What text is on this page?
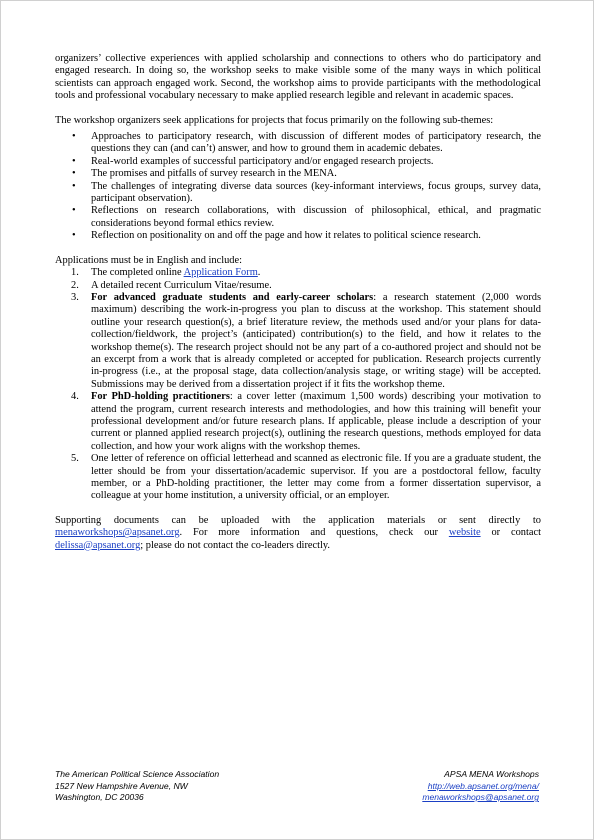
organizers’ collective experiences with applied scholarship and connections to others who do participatory and engaged research. In doing so, the workshop seeks to make visible some of the many ways in which political scientists can approach engaged work. Second, the workshop aims to provide participants with the methodological tools and professional vocabulary necessary to make applied research legible and relevant in academic spaces.

The workshop organizers seek applications for projects that focus primarily on the following sub-themes:

• Approaches to participatory research, with discussion of different modes of participatory research, the questions they can (and can’t) answer, and how to ground them in academic debates.
• Real-world examples of successful participatory and/or engaged research projects.
• The promises and pitfalls of survey research in the MENA.
• The challenges of integrating diverse data sources (key-informant interviews, focus groups, survey data, participant observation).
• Reflections on research collaborations, with discussion of philosophical, ethical, and pragmatic considerations beyond formal ethics review.
• Reflection on positionality on and off the page and how it relates to political science research.

Applications must be in English and include:

1. The completed online Application Form.
2. A detailed recent Curriculum Vitae/resume.
3. For advanced graduate students and early-career scholars: a research statement (2,000 words maximum) describing the work-in-progress you plan to discuss at the workshop. This statement should outline your research question(s), a brief literature review, the methods used and/or your plans for data-collection/fieldwork, the project’s (anticipated) contribution(s) to the field, and how it relates to the workshop theme(s). The research project should not be any part of a co-authored project and should not be an excerpt from a work that is already completed or accepted for publication. Research projects currently in-progress (i.e., at the proposal stage, data collection/analysis stage, or writing stage) will be accepted. Submissions may be derived from a dissertation project if it fits the workshop theme.
4. For PhD-holding practitioners: a cover letter (maximum 1,500 words) describing your motivation to attend the program, current research interests and methodologies, and how this training will benefit your professional development and/or future research plans. If applicable, please include a description of your current or planned applied research project(s), outlining the research questions, methods employed for data collection, and how your work aligns with the workshop themes.
5. One letter of reference on official letterhead and scanned as electronic file. If you are a graduate student, the letter should be from your dissertation/academic supervisor. If you are a postdoctoral fellow, faculty member, or a PhD-holding practitioner, the letter may come from a former dissertation supervisor, a colleague at your home institution, a university official, or an employer.

Supporting documents can be uploaded with the application materials or sent directly to menaworkshops@apsanet.org. For more information and questions, check our website or contact delissa@apsanet.org; please do not contact the co-leaders directly.

The American Political Science Association
1527 New Hampshire Avenue, NW
Washington, DC 20036
APSA MENA Workshops
http://web.apsanet.org/mena/
menaworkshops@apsanet.org
